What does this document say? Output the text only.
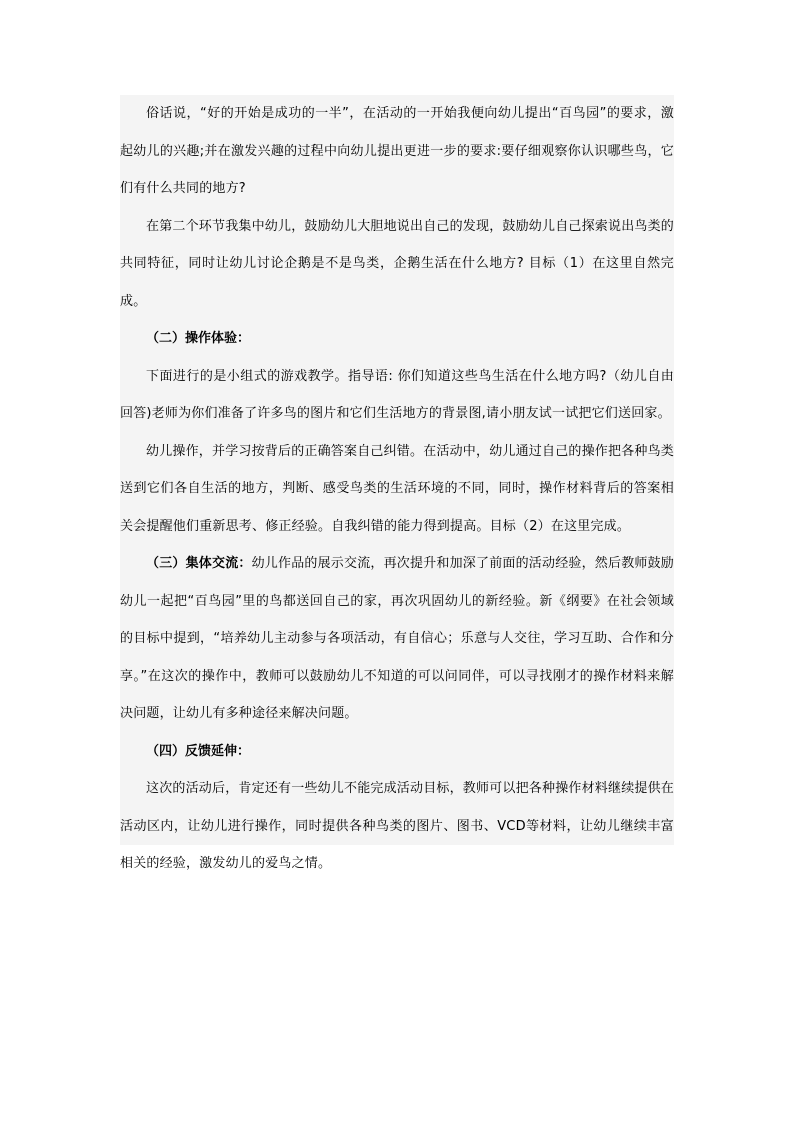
俗话说，“好的开始是成功的一半”，在活动的一开始我便向幼儿提出“百鸟园”的要求，激起幼儿的兴趣;并在激发兴趣的过程中向幼儿提出更进一步的要求:要仔细观察你认识哪些鸟，它们有什么共同的地方?

在第二个环节我集中幼儿，鼓励幼儿大胆地说出自己的发现，鼓励幼儿自己探索说出鸟类的共同特征，同时让幼儿讨论企鹅是不是鸟类，企鹅生活在什么地方? 目标（1）在这里自然完成。

（二）操作体验：

下面进行的是小组式的游戏教学。指导语: 你们知道这些鸟生活在什么地方吗?（幼儿自由回答)老师为你们准备了许多鸟的图片和它们生活地方的背景图,请小朋友试一试把它们送回家。

幼儿操作，并学习按背后的正确答案自己纠错。在活动中，幼儿通过自己的操作把各种鸟类送到它们各自生活的地方，判断、感受鸟类的生活环境的不同，同时，操作材料背后的答案相关会提醒他们重新思考、修正经验。自我纠错的能力得到提高。目标（2）在这里完成。

（三）集体交流：幼儿作品的展示交流，再次提升和加深了前面的活动经验，然后教师鼓励幼儿一起把“百鸟园”里的鸟都送回自己的家，再次巩固幼儿的新经验。新《纲要》在社会领域的目标中提到，“培养幼儿主动参与各项活动，有自信心；乐意与人交往，学习互助、合作和分享。”在这次的操作中，教师可以鼓励幼儿不知道的可以问同伴，可以寻找刚才的操作材料来解决问题，让幼儿有多种途径来解决问题。

（四）反馈延伸：

这次的活动后，肯定还有一些幼儿不能完成活动目标，教师可以把各种操作材料继续提供在活动区内，让幼儿进行操作，同时提供各种鸟类的图片、图书、VCD等材料，让幼儿继续丰富相关的经验，激发幼儿的爱鸟之情。
